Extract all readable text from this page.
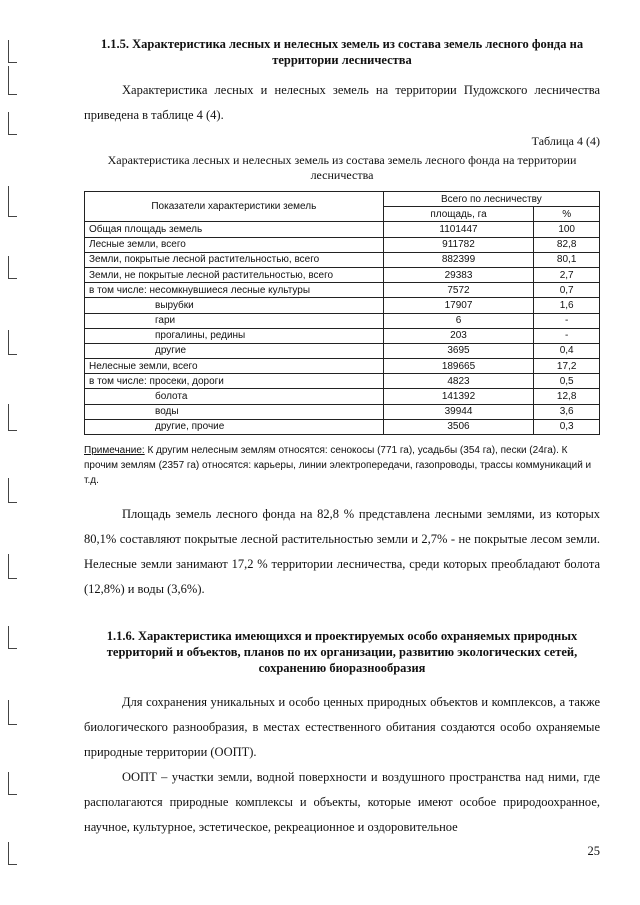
1.1.5. Характеристика лесных и нелесных земель из состава земель лесного фонда на территории лесничества

Характеристика лесных и нелесных земель на территории Пудожского лесничества приведена в таблице 4 (4).

Таблица 4 (4)
Характеристика лесных и нелесных земель из состава земель лесного фонда на территории лесничества
Показатели характеристики земель	Всего по лесничеству	
	площадь, га	%
Общая площадь земель	1101447	100
Лесные земли, всего	911782	82,8
Земли, покрытые лесной растительностью, всего	882399	80,1
Земли, не покрытые лесной растительностью, всего	29383	2,7
в том числе: несомкнувшиеся лесные культуры	7572	0,7
вырубки	17907	1,6
гари	6	-
прогалины, редины	203	-
другие	3695	0,4
Нелесные земли, всего	189665	17,2
в том числе: просеки, дороги	4823	0,5
болота	141392	12,8
воды	39944	3,6
другие, прочие	3506	0,3

Примечание: К другим нелесным землям относятся: сенокосы (771 га), усадьбы (354 га), пески (24га). К прочим землям (2357 га) относятся: карьеры, линии электропередачи, газопроводы, трассы коммуникаций и т.д.

Площадь земель лесного фонда на 82,8 % представлена лесными землями, из которых 80,1% составляют покрытые лесной растительностью земли и 2,7% - не покрытые лесом земли. Нелесные земли занимают 17,2 % территории лесничества, среди которых преобладают болота (12,8%) и воды (3,6%).

1.1.6. Характеристика имеющихся и проектируемых особо охраняемых природных территорий и объектов, планов по их организации, развитию экологических сетей, сохранению биоразнообразия

Для сохранения уникальных и особо ценных природных объектов и комплексов, а также биологического разнообразия, в местах естественного обитания создаются особо охраняемые природные территории (ООПТ).

ООПТ – участки земли, водной поверхности и воздушного пространства над ними, где располагаются природные комплексы и объекты, которые имеют особое природоохранное, научное, культурное, эстетическое, рекреационное и оздоровительное

25
